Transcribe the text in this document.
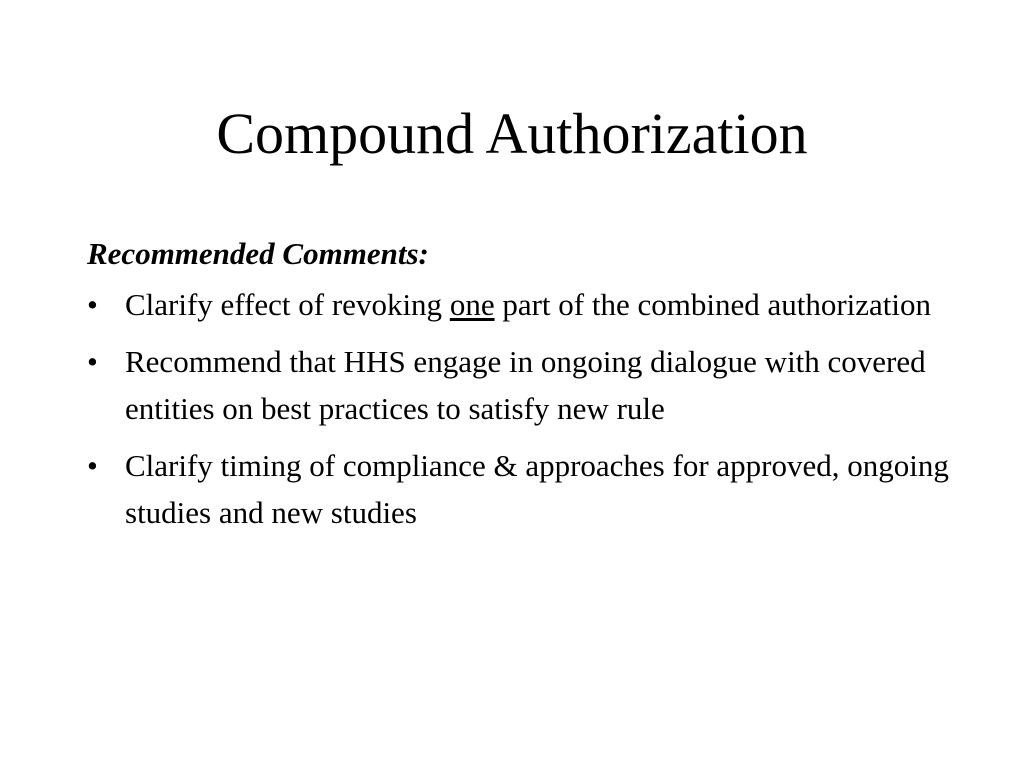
Compound Authorization

Recommended Comments:

• Clarify effect of revoking one part of the combined authorization
• Recommend that HHS engage in ongoing dialogue with covered entities on best practices to satisfy new rule
• Clarify timing of compliance & approaches for approved, ongoing studies and new studies
